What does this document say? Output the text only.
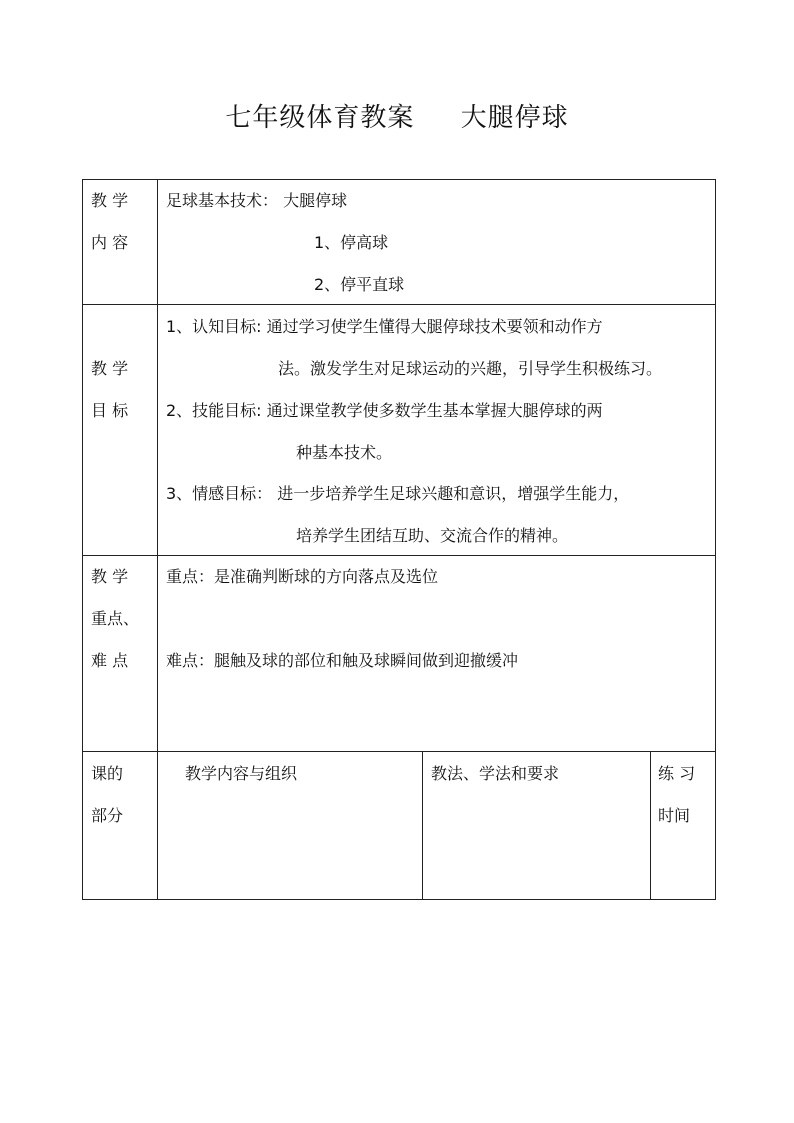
七年级体育教案     大腿停球
教 学
内 容
足球基本技术： 大腿停球
1、停高球
2、停平直球
教 学
目 标
1、认知目标: 通过学习使学生懂得大腿停球技术要领和动作方
法。激发学生对足球运动的兴趣，引导学生积极练习。
2、技能目标: 通过课堂教学使多数学生基本掌握大腿停球的两
种基本技术。
3、情感目标： 进一步培养学生足球兴趣和意识，增强学生能力，
培养学生团结互助、交流合作的精神。
教 学
重点、
难 点
重点：是准确判断球的方向落点及选位
难点：腿触及球的部位和触及球瞬间做到迎撤缓冲
课的
部分
教学内容与组织	教法、学法和要求	练 习
时间
